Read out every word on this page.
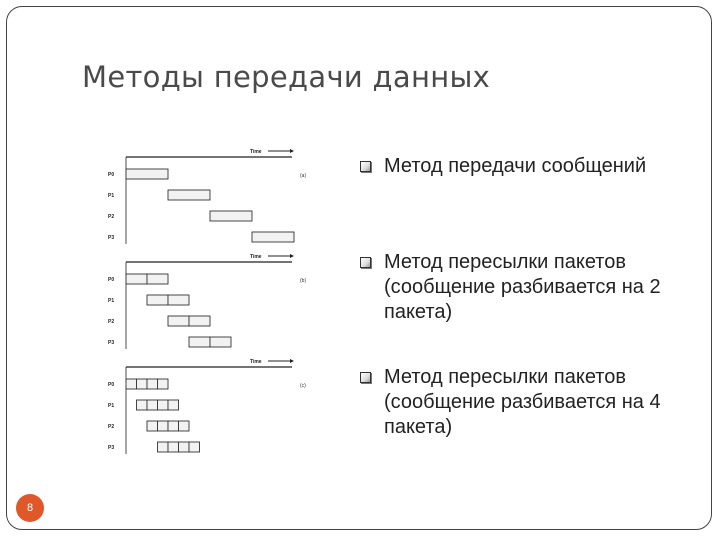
Методы передачи данных
Time
(a)
P0
P1
P2
P3
Time
(b)
P0
P1
P2
P3
Time
(c)
P0
P1
P2
P3
Метод передачи сообщений
Метод пересылки пакетов (сообщение разбивается на 2 пакета)
Метод пересылки пакетов (сообщение разбивается на 4 пакета)
8
